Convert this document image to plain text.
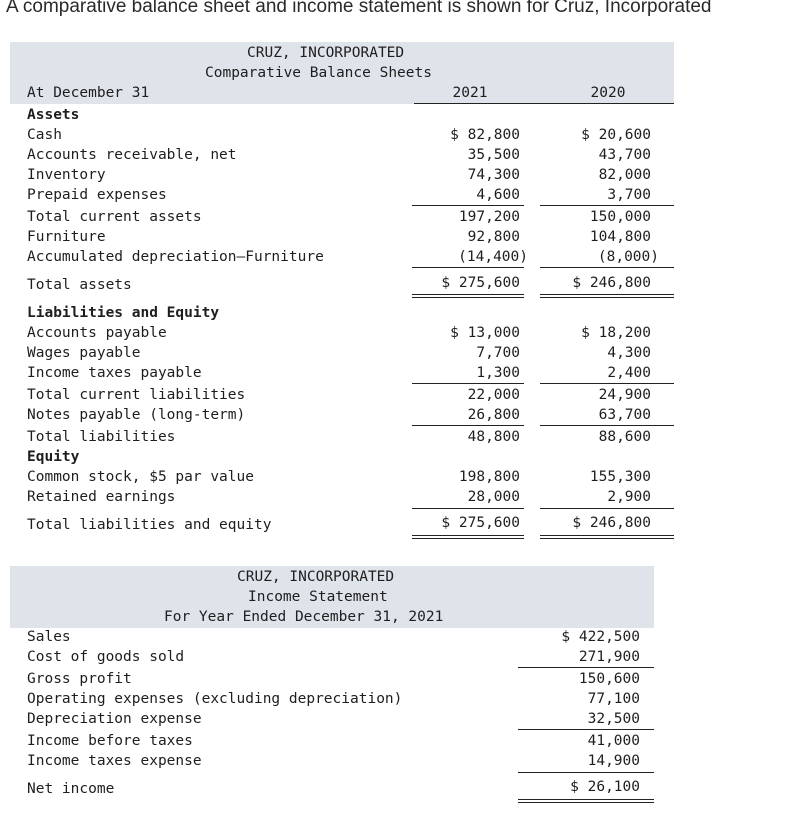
A comparative balance sheet and income statement is shown for Cruz, Incorporated
CRUZ, INCORPORATED
Comparative Balance Sheets
At December 31	2021	2020
Assets
Cash	$ 82,800	$ 20,600
Accounts receivable, net	35,500	43,700
Inventory	74,300	82,000
Prepaid expenses	4,600	3,700
Total current assets	197,200	150,000
Furniture	92,800	104,800
Accumulated depreciation—Furniture	(14,400)	(8,000)
Total assets	$ 275,600	$ 246,800
Liabilities and Equity
Accounts payable	$ 13,000	$ 18,200
Wages payable	7,700	4,300
Income taxes payable	1,300	2,400
Total current liabilities	22,000	24,900
Notes payable (long-term)	26,800	63,700
Total liabilities	48,800	88,600
Equity
Common stock, $5 par value	198,800	155,300
Retained earnings	28,000	2,900
Total liabilities and equity	$ 275,600	$ 246,800
CRUZ, INCORPORATED
Income Statement
For Year Ended December 31, 2021
Sales	$ 422,500
Cost of goods sold	271,900
Gross profit	150,600
Operating expenses (excluding depreciation)	77,100
Depreciation expense	32,500
Income before taxes	41,000
Income taxes expense	14,900
Net income	$ 26,100
